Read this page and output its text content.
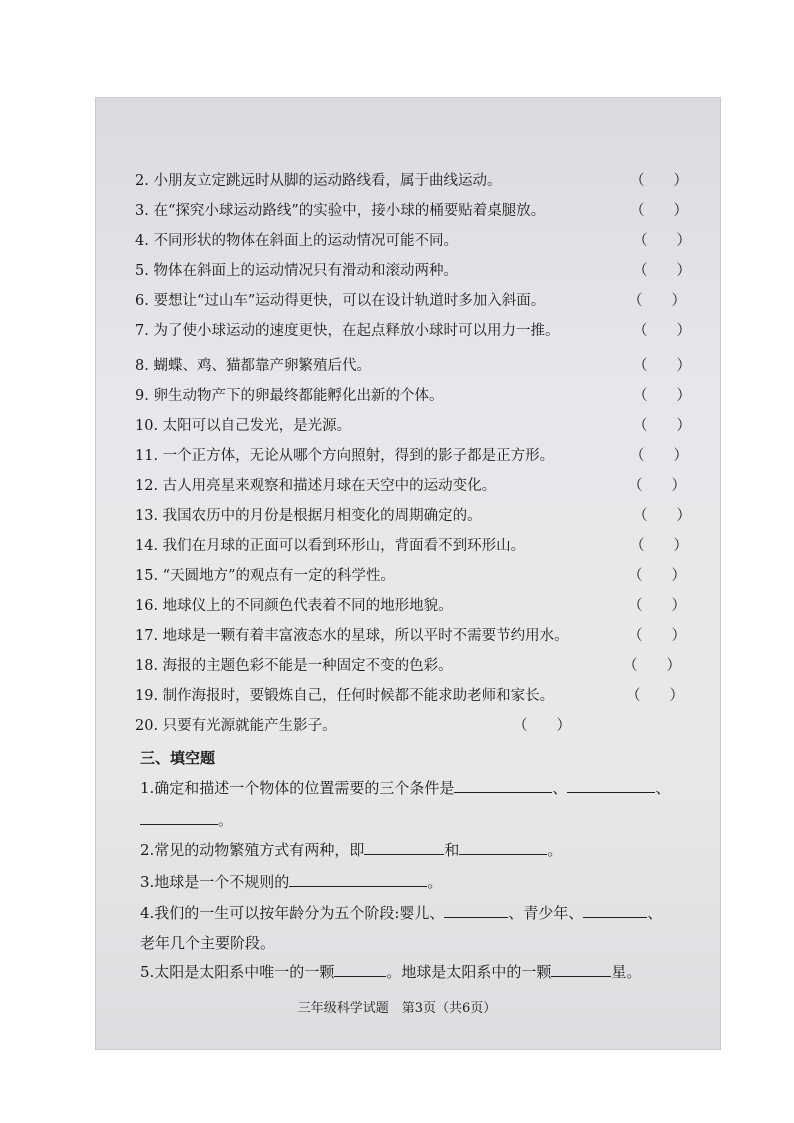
2. 小朋友立定跳远时从脚的运动路线看，属于曲线运动。	（　　）
3. 在“探究小球运动路线”的实验中，接小球的桶要贴着桌腿放。	（　　）
4. 不同形状的物体在斜面上的运动情况可能不同。	（　　）
5. 物体在斜面上的运动情况只有滑动和滚动两种。	（　　）
6. 要想让“过山车”运动得更快，可以在设计轨道时多加入斜面。	（　　）
7. 为了使小球运动的速度更快，在起点释放小球时可以用力一推。	（　　）
8. 蝴蝶、鸡、猫都靠产卵繁殖后代。	（　　）
9. 卵生动物产下的卵最终都能孵化出新的个体。	（　　）
10. 太阳可以自己发光，是光源。	（　　）
11. 一个正方体，无论从哪个方向照射，得到的影子都是正方形。	（　　）
12. 古人用亮星来观察和描述月球在天空中的运动变化。	（　　）
13. 我国农历中的月份是根据月相变化的周期确定的。	（　　）
14. 我们在月球的正面可以看到环形山，背面看不到环形山。	（　　）
15. “天圆地方”的观点有一定的科学性。	（　　）
16. 地球仪上的不同颜色代表着不同的地形地貌。	（　　）
17. 地球是一颗有着丰富液态水的星球，所以平时不需要节约用水。	（　　）
18. 海报的主题色彩不能是一种固定不变的色彩。	（　　）
19. 制作海报时，要锻炼自己，任何时候都不能求助老师和家长。	（　　）
20. 只要有光源就能产生影子。	（　　）
三、填空题
1.确定和描述一个物体的位置需要的三个条件是	、	、
。
2.常见的动物繁殖方式有两种，即	和	。
3.地球是一个不规则的	。
4.我们的一生可以按年龄分为五个阶段:婴儿、	、青少年、	、
老年几个主要阶段。
5.太阳是太阳系中唯一的一颗	。地球是太阳系中的一颗	星。
三年级科学试题　第3页（共6页）
